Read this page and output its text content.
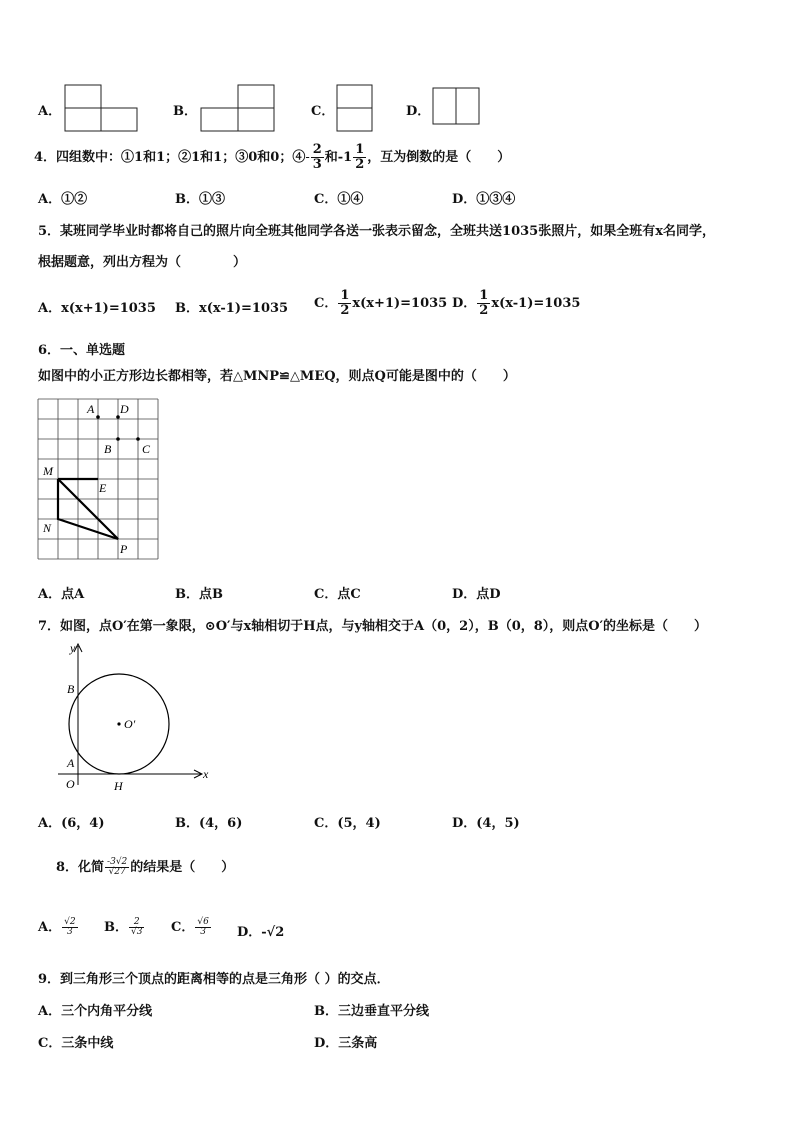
A．	B．	C．	D．
4．四组数中：①1和1；②1和1；③0和0；④- $\frac{2}{3}$ 和$-1 \frac{1}{2}$ ，互为倒数的是（　　）
A．①②	B．①③	C．①④	D．①③④
5．某班同学毕业时都将自己的照片向全班其他同学各送一张表示留念，全班共送1035张照片，如果全班有x名同学，
根据题意，列出方程为（　　　　）
A．x(x+1)=1035 B．x(x-1)=1035 C． $\frac{1}{2} x(x+1)=1035$ D． $\frac{1}{2} x(x-1)=1035$
6．一、单选题
如图中的小正方形边长都相等，若△MNP≌△MEQ，则点Q可能是图中的（　　）
A D
B	C
M
E
N
P
A．点A	B．点B	C．点C	D．点D
7．如图，点O′在第一象限，⊙O′与x轴相切于H点，与y轴相交于A（0，2），B（0，8），则点O′的坐标是（　　）
y
B
O′
A
O	H
x
A．(6，4)	B．(4，6)	C．(5，4)	D．(4，5)
8．化简 $\frac{-3√2}{√27}$ 的结果是（　　）
A． $\frac{√2}{3}$ B． $\frac{2}{√3}$ C． $\frac{√6}{3}$ D．-√2
9．到三角形三个顶点的距离相等的点是三角形（ ）的交点．
A．三个内角平分线	B．三边垂直平分线
C．三条中线	D．三条高
